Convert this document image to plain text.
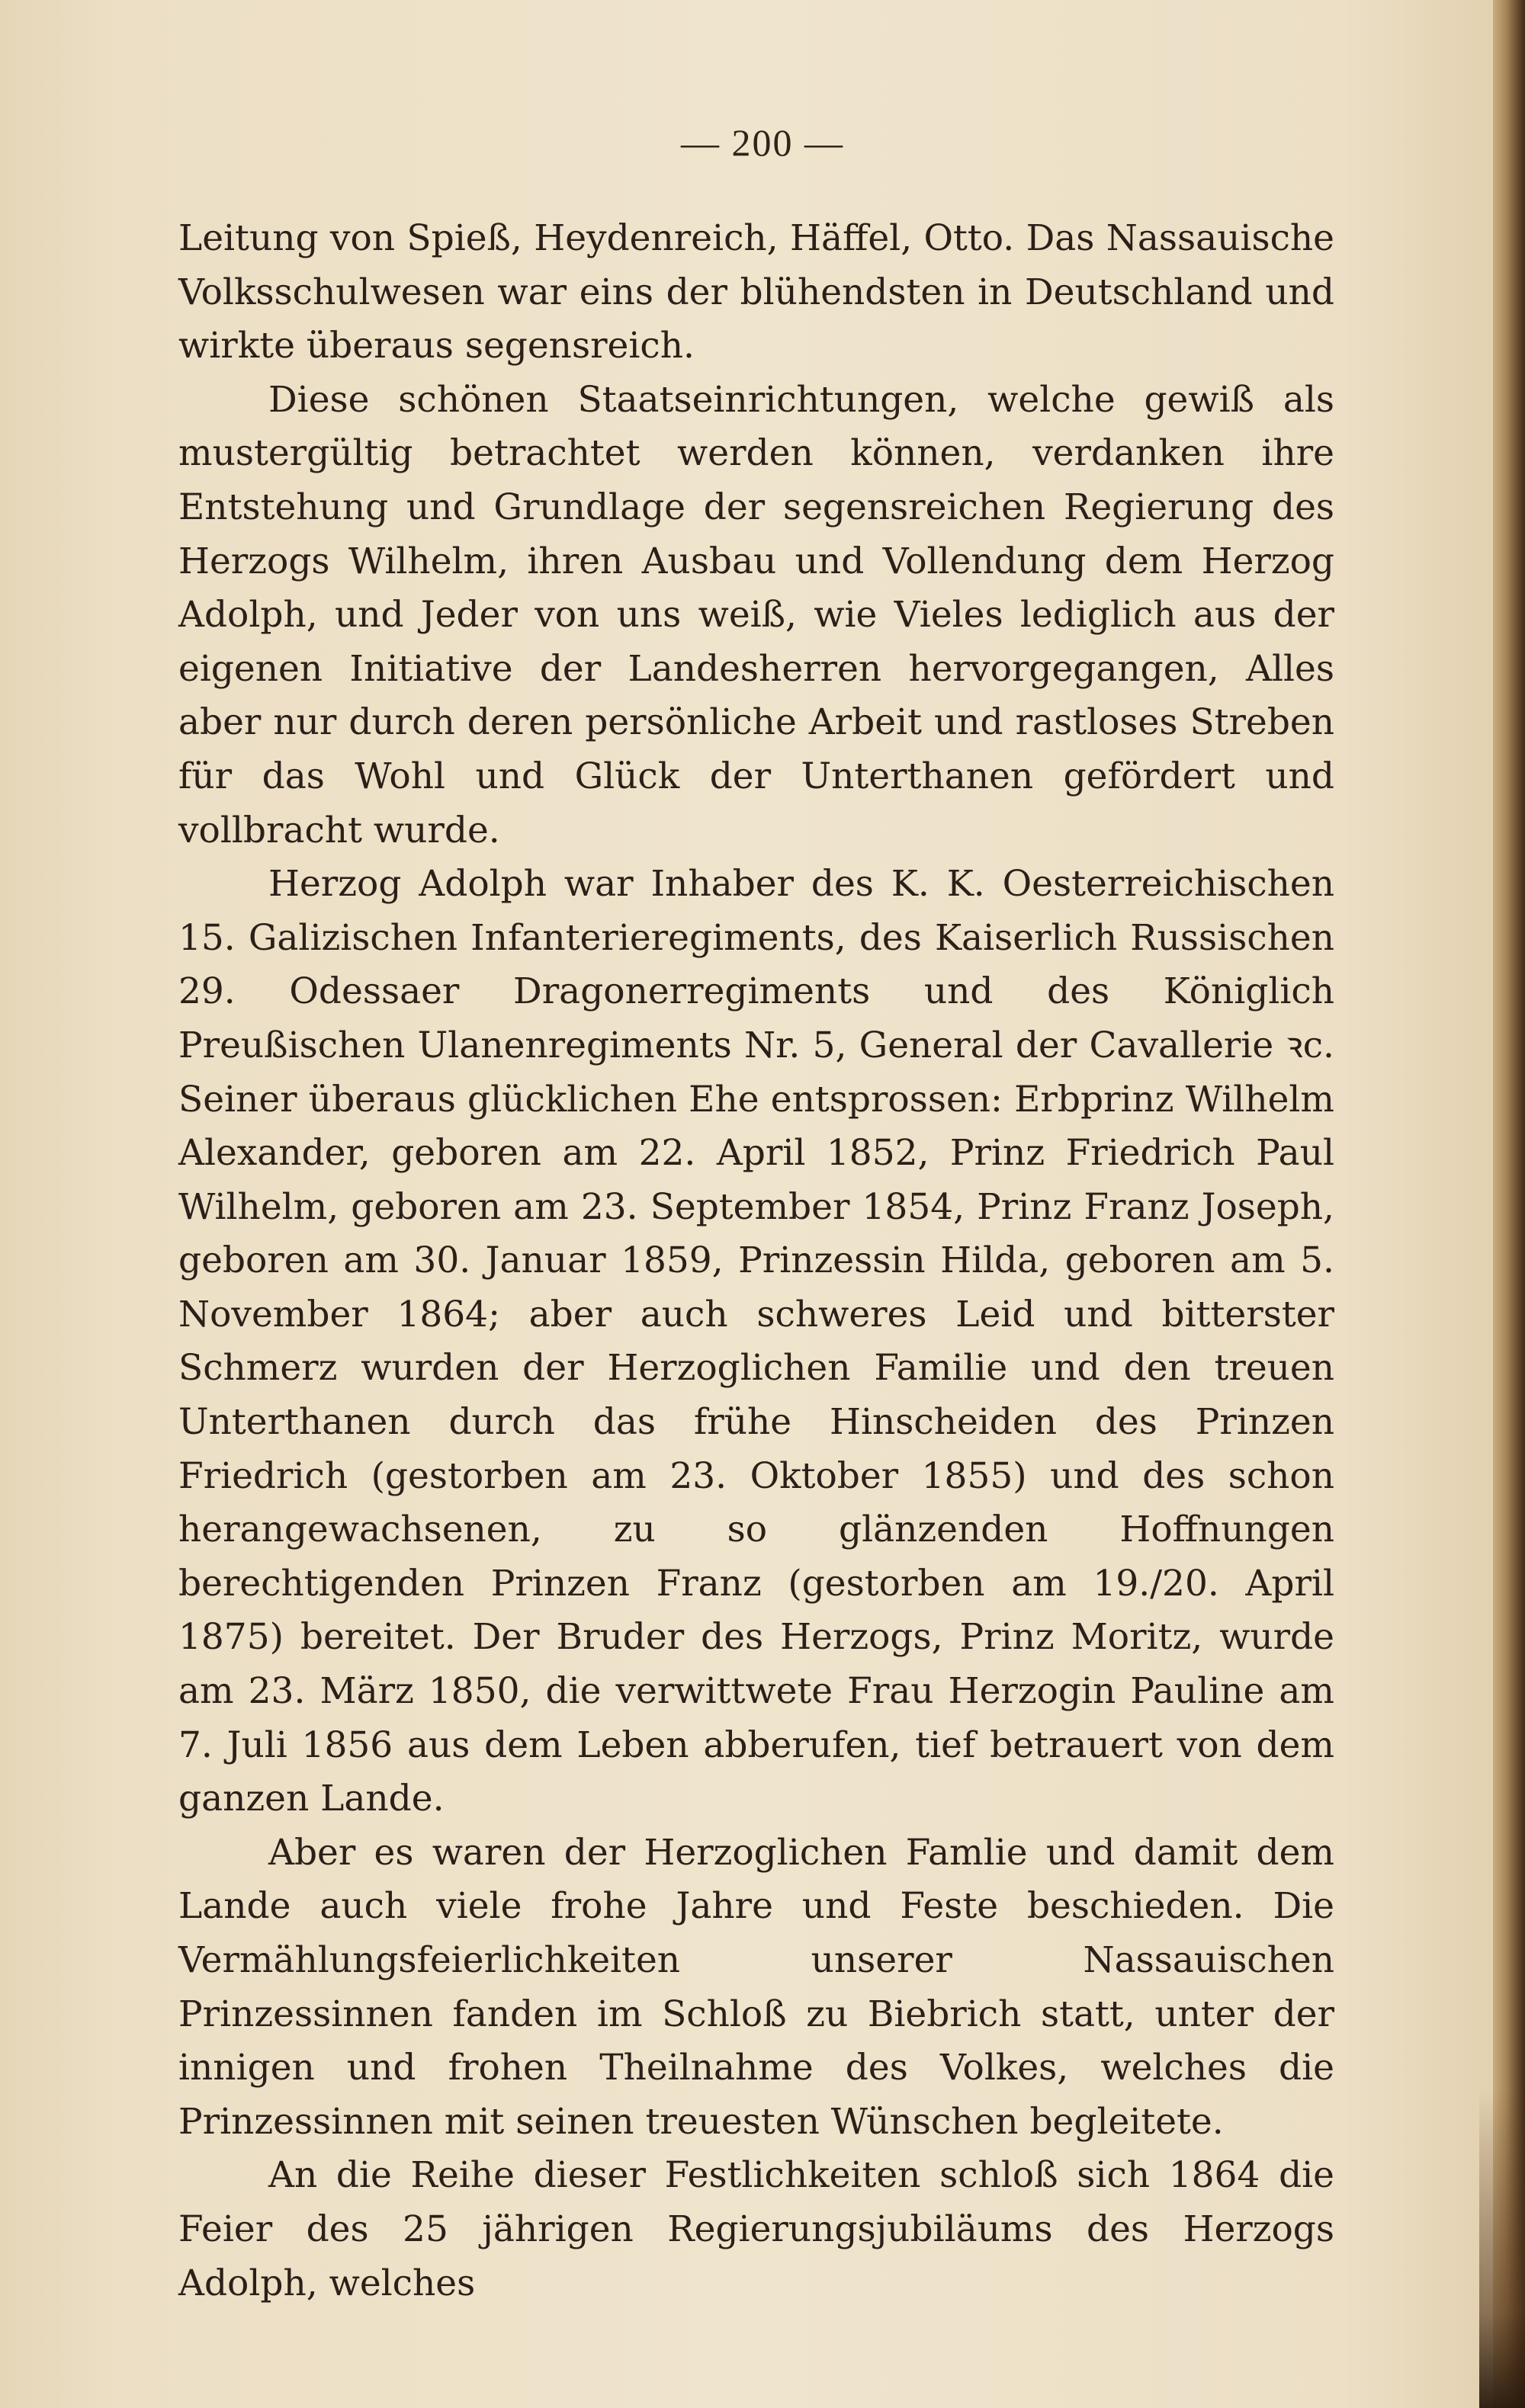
— 200 —

Leitung von Spieß, Heydenreich, Häffel, Otto. Das Nassauische Volksschulwesen war eins der blühendsten in Deutschland und wirkte überaus segensreich.

Diese schönen Staatseinrichtungen, welche gewiß als mustergültig betrachtet werden können, verdanken ihre Entstehung und Grundlage der segensreichen Regierung des Herzogs Wilhelm, ihren Ausbau und Vollendung dem Herzog Adolph, und Jeder von uns weiß, wie Vieles lediglich aus der eigenen Initiative der Landesherren hervorgegangen, Alles aber nur durch deren persönliche Arbeit und rastloses Streben für das Wohl und Glück der Unterthanen gefördert und vollbracht wurde.

Herzog Adolph war Inhaber des K. K. Oesterreichischen 15. Galizischen Infanterieregiments, des Kaiserlich Russischen 29. Odessaer Dragonerregiments und des Königlich Preußischen Ulanenregiments Nr. 5, General der Cavallerie ꝛc. Seiner überaus glücklichen Ehe entsprossen: Erbprinz Wilhelm Alexander, geboren am 22. April 1852, Prinz Friedrich Paul Wilhelm, geboren am 23. September 1854, Prinz Franz Joseph, geboren am 30. Januar 1859, Prinzessin Hilda, geboren am 5. November 1864; aber auch schweres Leid und bitterster Schmerz wurden der Herzoglichen Familie und den treuen Unterthanen durch das frühe Hinscheiden des Prinzen Friedrich (gestorben am 23. Oktober 1855) und des schon herangewachsenen, zu so glänzenden Hoffnungen berechtigenden Prinzen Franz (gestorben am 19./20. April 1875) bereitet. Der Bruder des Herzogs, Prinz Moritz, wurde am 23. März 1850, die verwittwete Frau Herzogin Pauline am 7. Juli 1856 aus dem Leben abberufen, tief betrauert von dem ganzen Lande.

Aber es waren der Herzoglichen Famlie und damit dem Lande auch viele frohe Jahre und Feste beschieden. Die Vermählungsfeierlichkeiten unserer Nassauischen Prinzessinnen fanden im Schloß zu Biebrich statt, unter der innigen und frohen Theilnahme des Volkes, welches die Prinzessinnen mit seinen treuesten Wünschen begleitete.

An die Reihe dieser Festlichkeiten schloß sich 1864 die Feier des 25 jährigen Regierungsjubiläums des Herzogs Adolph, welches
